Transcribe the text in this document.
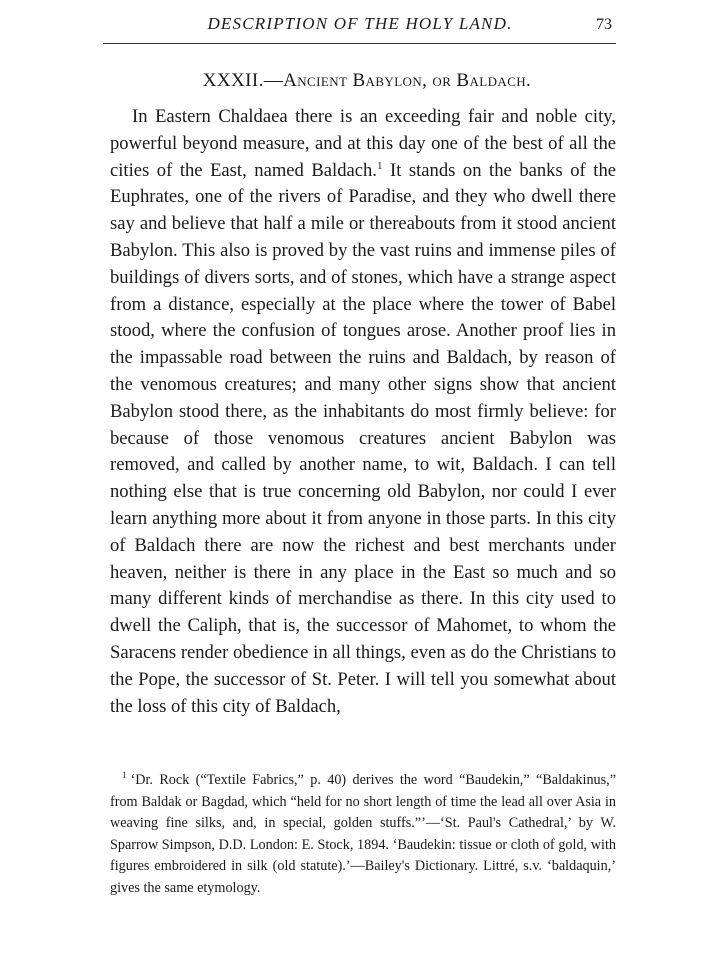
DESCRIPTION OF THE HOLY LAND.	73
XXXII.—Ancient Babylon, or Baldach.

In Eastern Chaldaea there is an exceeding fair and noble city, powerful beyond measure, and at this day one of the best of all the cities of the East, named Baldach.$^1$ It stands on the banks of the Euphrates, one of the rivers of Paradise, and they who dwell there say and believe that half a mile or thereabouts from it stood ancient Babylon. This also is proved by the vast ruins and immense piles of buildings of divers sorts, and of stones, which have a strange aspect from a distance, especially at the place where the tower of Babel stood, where the confusion of tongues arose. Another proof lies in the impassable road between the ruins and Baldach, by reason of the venomous creatures; and many other signs show that ancient Babylon stood there, as the inhabitants do most firmly believe: for because of those venomous creatures ancient Babylon was removed, and called by another name, to wit, Baldach. I can tell nothing else that is true concerning old Babylon, nor could I ever learn anything more about it from anyone in those parts. In this city of Baldach there are now the richest and best merchants under heaven, neither is there in any place in the East so much and so many different kinds of merchandise as there. In this city used to dwell the Caliph, that is, the successor of Mahomet, to whom the Saracens render obedience in all things, even as do the Christians to the Pope, the successor of St. Peter. I will tell you somewhat about the loss of this city of Baldach,

$^1$ ‘Dr. Rock (“Textile Fabrics,” p. 40) derives the word “Baudekin,” “Baldakinus,” from Baldak or Bagdad, which “held for no short length of time the lead all over Asia in weaving fine silks, and, in special, golden stuffs.”’—‘St. Paul's Cathedral,’ by W. Sparrow Simpson, D.D. London: E. Stock, 1894. ‘Baudekin: tissue or cloth of gold, with figures embroidered in silk (old statute).’—Bailey's Dictionary. Littré, s.v. ‘baldaquin,’ gives the same etymology.
